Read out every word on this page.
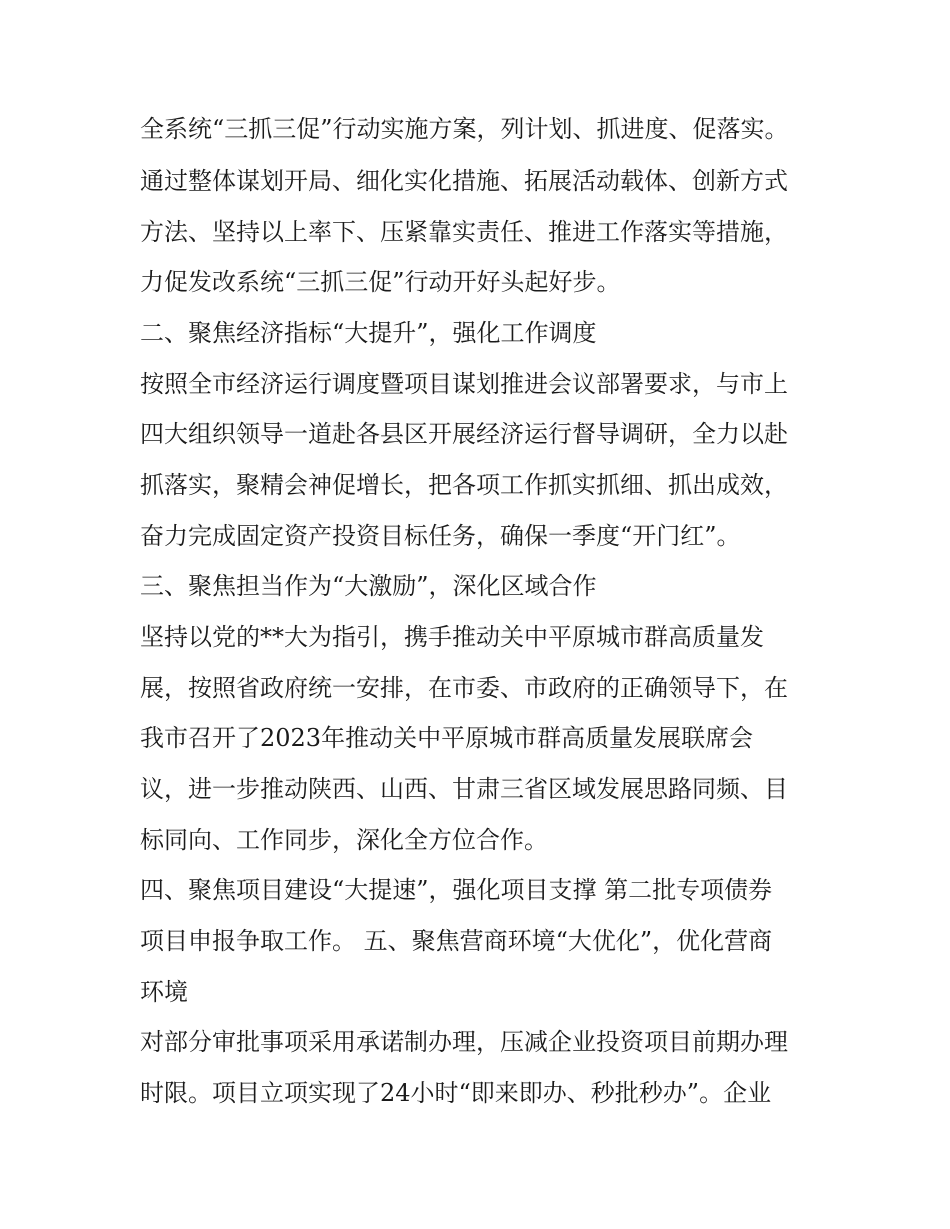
全系统“三抓三促”行动实施方案，列计划、抓进度、促落实。
通过整体谋划开局、细化实化措施、拓展活动载体、创新方式
方法、坚持以上率下、压紧靠实责任、推进工作落实等措施，
力促发改系统“三抓三促”行动开好头起好步。
二、聚焦经济指标“大提升”，强化工作调度
按照全市经济运行调度暨项目谋划推进会议部署要求，与市上
四大组织领导一道赴各县区开展经济运行督导调研，全力以赴
抓落实，聚精会神促增长，把各项工作抓实抓细、抓出成效，
奋力完成固定资产投资目标任务，确保一季度“开门红”。
三、聚焦担当作为“大激励”，深化区域合作
坚持以党的**大为指引，携手推动关中平原城市群高质量发
展，按照省政府统一安排，在市委、市政府的正确领导下，在
我市召开了2023年推动关中平原城市群高质量发展联席会
议，进一步推动陕西、山西、甘肃三省区域发展思路同频、目
标同向、工作同步，深化全方位合作。
四、聚焦项目建设“大提速”，强化项目支撑 第二批专项债券
项目申报争取工作。 五、聚焦营商环境“大优化”，优化营商
环境
对部分审批事项采用承诺制办理，压减企业投资项目前期办理
时限。项目立项实现了24小时“即来即办、秒批秒办”。企业
